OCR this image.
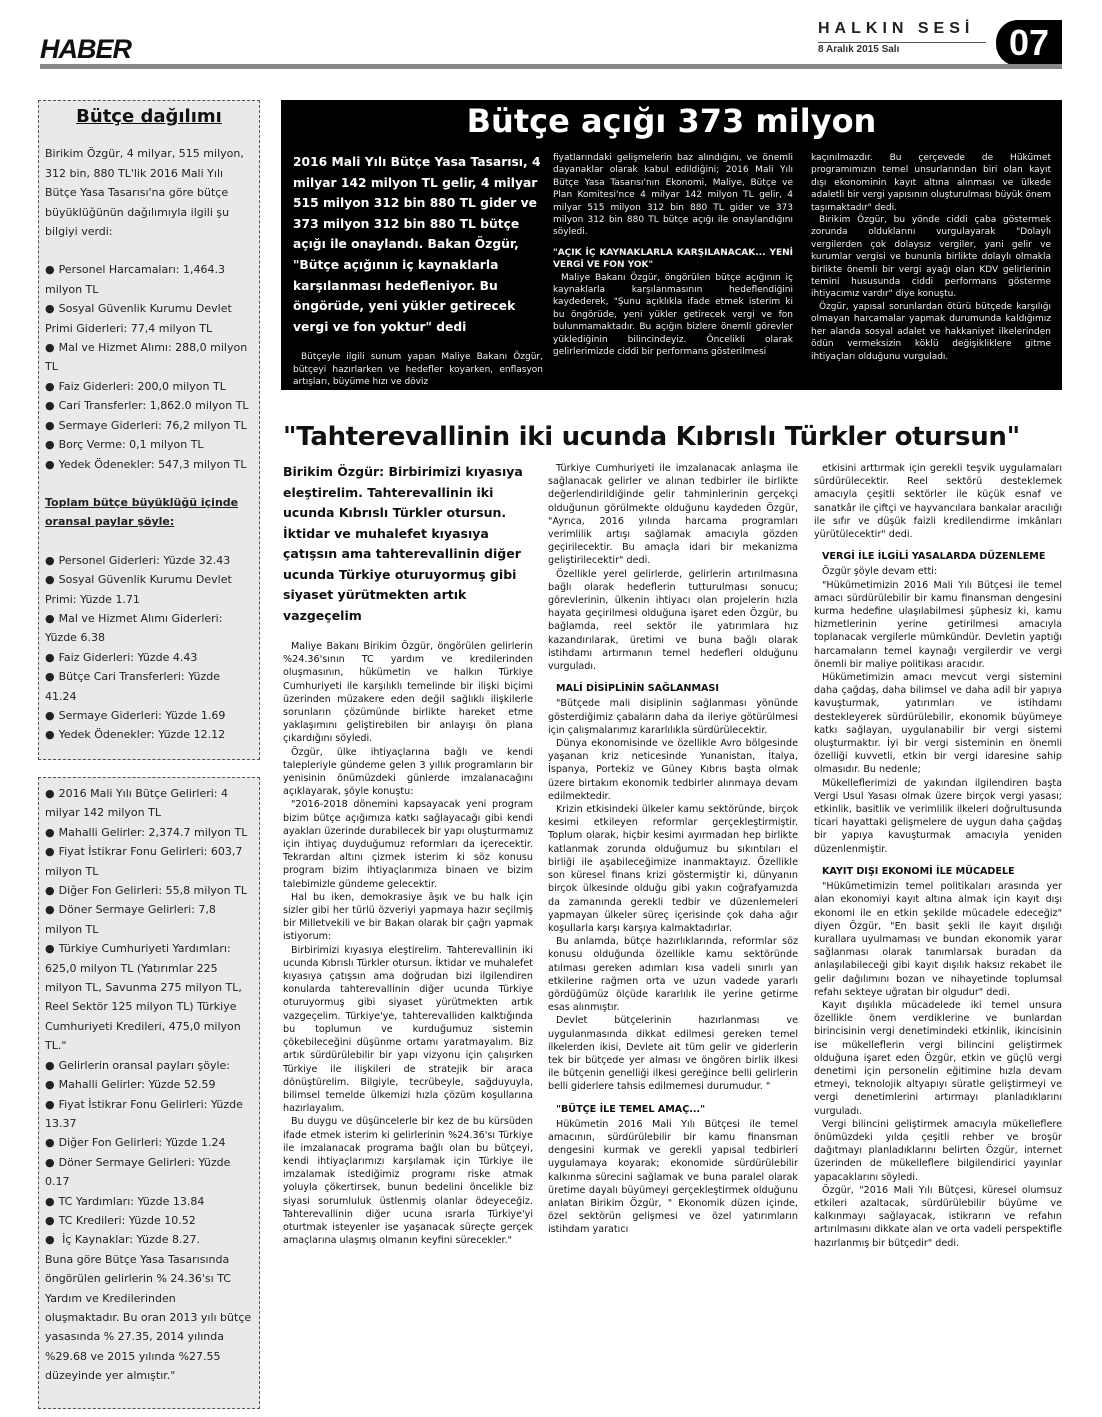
HABER
HALKIN SESİ
8 Aralık 2015 Salı	07
Bütçe dağılımı
Birikim Özgür, 4 milyar, 515 milyon, 312 bin, 880 TL'lik 2016 Mali Yılı Bütçe Yasa Tasarısı'na göre bütçe büyüklüğünün dağılımıyla ilgili şu bilgiyi verdi:
● Personel Harcamaları: 1,464.3 milyon TL
● Sosyal Güvenlik Kurumu Devlet Primi Giderleri: 77,4 milyon TL
● Mal ve Hizmet Alımı: 288,0 milyon TL
● Faiz Giderleri: 200,0 milyon TL
● Cari Transferler: 1,862.0 milyon TL
● Sermaye Giderleri: 76,2 milyon TL
● Borç Verme: 0,1 milyon TL
● Yedek Ödenekler: 547,3 milyon TL
Toplam bütçe büyüklüğü içinde oransal paylar şöyle:
● Personel Giderleri: Yüzde 32.43
● Sosyal Güvenlik Kurumu Devlet Primi: Yüzde 1.71
● Mal ve Hizmet Alımı Giderleri: Yüzde 6.38
● Faiz Giderleri: Yüzde 4.43
● Bütçe Cari Transferleri: Yüzde 41.24
● Sermaye Giderleri: Yüzde 1.69
● Yedek Ödenekler: Yüzde 12.12
● 2016 Mali Yılı Bütçe Gelirleri: 4 milyar 142 milyon TL
● Mahalli Gelirler: 2,374.7 milyon TL
● Fiyat İstikrar Fonu Gelirleri: 603,7 milyon TL
● Diğer Fon Gelirleri: 55,8 milyon TL
● Döner Sermaye Gelirleri: 7,8 milyon TL
● Türkiye Cumhuriyeti Yardımları: 625,0 milyon TL (Yatırımlar 225 milyon TL, Savunma 275 milyon TL, Reel Sektör 125 milyon TL) Türkiye Cumhuriyeti Kredileri, 475,0 milyon TL."
● Gelirlerin oransal payları şöyle:
● Mahalli Gelirler: Yüzde 52.59
● Fiyat İstikrar Fonu Gelirleri: Yüzde 13.37
● Diğer Fon Gelirleri: Yüzde 1.24
● Döner Sermaye Gelirleri: Yüzde 0.17
● TC Yardımları: Yüzde 13.84
● TC Kredileri: Yüzde 10.52
● İç Kaynaklar: Yüzde 8.27.
Buna göre Bütçe Yasa Tasarısında öngörülen gelirlerin % 24.36'sı TC Yardım ve Kredilerinden oluşmaktadır. Bu oran 2013 yılı bütçe yasasında % 27.35, 2014 yılında %29.68 ve 2015 yılında %27.55 düzeyinde yer almıştır."
Bütçe açığı 373 milyon
2016 Mali Yılı Bütçe Yasa Tasarısı, 4 milyar 142 milyon TL gelir, 4 milyar 515 milyon 312 bin 880 TL gider ve 373 milyon 312 bin 880 TL bütçe açığı ile onaylandı. Bakan Özgür, "Bütçe açığının iç kaynaklarla karşılanması hedefleniyor. Bu öngörüde, yeni yükler getirecek vergi ve fon yoktur" dedi

Bütçeyle ilgili sunum yapan Maliye Bakanı Özgür, bütçeyi hazırlarken ve hedefler koyarken, enflasyon artışları, büyüme hızı ve döviz

fiyatlarındaki gelişmelerin baz alındığını, ve önemli dayanaklar olarak kabul edildiğini; 2016 Mali Yılı Bütçe Yasa Tasarısı'nın Ekonomi, Maliye, Bütçe ve Plan Komitesi'nce 4 milyar 142 milyon TL gelir, 4 milyar 515 milyon 312 bin 880 TL gider ve 373 milyon 312 bin 880 TL bütçe açığı ile onaylandığını söyledi.

"AÇIK İÇ KAYNAKLARLA KARŞILANACAK... YENİ VERGİ VE FON YOK"

Maliye Bakanı Özgür, öngörülen bütçe açığının iç kaynaklarla karşılanmasının hedeflendiğini kaydederek, "Şunu açıklıkla ifade etmek isterim ki bu öngörüde, yeni yükler getirecek vergi ve fon bulunmamaktadır. Bu açığın bizlere önemli görevler yüklediğinin bilincindeyiz. Öncelikli olarak gelirlerimizde ciddi bir performans gösterilmesi

kaçınılmazdır. Bu çerçevede de Hükümet programımızın temel unsurlarından biri olan kayıt dışı ekonominin kayıt altına alınması ve ülkede adaletli bir vergi yapısının oluşturulması büyük önem taşımaktadır" dedi.

Birikim Özgür, bu yönde ciddi çaba göstermek zorunda olduklarını vurgulayarak "Dolaylı vergilerden çok dolaysız vergiler, yani gelir ve kurumlar vergisi ve bununla birlikte dolaylı olmakla birlikte önemli bir vergi ayağı olan KDV gelirlerinin temini hususunda ciddi performans gösterme ihtiyacımız vardır" diye konuştu.

Özgür, yapısal sorunlardan ötürü bütçede karşılığı olmayan harcamalar yapmak durumunda kaldığımız her alanda sosyal adalet ve hakkaniyet ilkelerinden ödün vermeksizin köklü değişikliklere gitme ihtiyaçları olduğunu vurguladı.

"Tahterevallinin iki ucunda Kıbrıslı Türkler otursun"
Birikim Özgür: Birbirimizi kıyasıya eleştirelim. Tahterevallinin iki ucunda Kıbrıslı Türkler otursun. İktidar ve muhalefet kıyasıya çatışsın ama tahterevallinin diğer ucunda Türkiye oturuyormuş gibi siyaset yürütmekten artık vazgeçelim

Maliye Bakanı Birikim Özgür, öngörülen gelirlerin %24.36'sının TC yardım ve kredilerinden oluşmasının, hükümetin ve halkın Türkiye Cumhuriyeti ile karşılıklı temelinde bir ilişki biçimi üzerinden müzakere eden değil sağlıklı ilişkilerle sorunların çözümünde birlikte hareket etme yaklaşımını geliştirebilen bir anlayışı ön plana çıkardığını söyledi.

Özgür, ülke ihtiyaçlarına bağlı ve kendi talepleriyle gündeme gelen 3 yıllık programların bir yenisinin önümüzdeki günlerde imzalanacağını açıklayarak, şöyle konuştu:

"2016-2018 dönemini kapsayacak yeni program bizim bütçe açığımıza katkı sağlayacağı gibi kendi ayakları üzerinde durabilecek bir yapı oluşturmamız için ihtiyaç duyduğumuz reformları da içerecektir. Tekrardan altını çizmek isterim ki söz konusu program bizim ihtiyaçlarımıza binaen ve bizim talebimizle gündeme gelecektir.

Hal bu iken, demokrasiye âşık ve bu halk için sizler gibi her türlü özveriyi yapmaya hazır seçilmiş bir Milletvekili ve bir Bakan olarak bir çağrı yapmak istiyorum:

Birbirimizi kıyasıya eleştirelim. Tahterevallinin iki ucunda Kıbrıslı Türkler otursun. İktidar ve muhalefet kıyasıya çatışsın ama doğrudan bizi ilgilendiren konularda tahterevallinin diğer ucunda Türkiye oturuyormuş gibi siyaset yürütmekten artık vazgeçelim. Türkiye'ye, tahterevalliden kalktığında bu toplumun ve kurduğumuz sistemin çökebileceğini düşünme ortamı yaratmayalım. Biz artık sürdürülebilir bir yapı vizyonu için çalışırken Türkiye ile ilişkileri de stratejik bir araca dönüştürelim. Bilgiyle, tecrübeyle, sağduyuyla, bilimsel temelde ülkemizi hızla çözüm koşullarına hazırlayalım.

Bu duygu ve düşüncelerle bir kez de bu kürsüden ifade etmek isterim ki gelirlerinin %24.36'sı Türkiye ile imzalanacak programa bağlı olan bu bütçeyi, kendi ihtiyaçlarımızı karşılamak için Türkiye ile imzalamak istediğimiz programı riske atmak yoluyla çökertirsek, bunun bedelini öncelikle biz siyasi sorumluluk üstlenmiş olanlar ödeyeceğiz. Tahterevallinin diğer ucuna ısrarla Türkiye'yi oturtmak isteyenler ise yaşanacak süreçte gerçek amaçlarına ulaşmış olmanın keyfini sürecekler."

Türkiye Cumhuriyeti ile imzalanacak anlaşma ile sağlanacak gelirler ve alınan tedbirler ile birlikte değerlendirildiğinde gelir tahminlerinin gerçekçi olduğunun görülmekte olduğunu kaydeden Özgür, "Ayrıca, 2016 yılında harcama programları verimlilik artışı sağlamak amacıyla gözden geçirilecektir. Bu amaçla idari bir mekanizma geliştirilecektir" dedi.

Özellikle yerel gelirlerde, gelirlerin artırılmasına bağlı olarak hedeflerin tutturulması sonucu; görevlerinin, ülkenin ihtiyacı olan projelerin hızla hayata geçirilmesi olduğuna işaret eden Özgür, bu bağlamda, reel sektör ile yatırımlara hız kazandırılarak, üretimi ve buna bağlı olarak istihdamı artırmanın temel hedefleri olduğunu vurguladı.

MALİ DİSİPLİNİN SAĞLANMASI

"Bütçede mali disiplinin sağlanması yönünde gösterdiğimiz çabaların daha da ileriye götürülmesi için çalışmalarımız kararlılıkla sürdürülecektir.

Dünya ekonomisinde ve özellikle Avro bölgesinde yaşanan kriz neticesinde Yunanistan, İtalya, İspanya, Portekiz ve Güney Kıbrıs başta olmak üzere birtakım ekonomik tedbirler alınmaya devam edilmektedir.

Krizin etkisindeki ülkeler kamu sektöründe, birçok kesimi etkileyen reformlar gerçekleştirmiştir. Toplum olarak, hiçbir kesimi ayırmadan hep birlikte katlanmak zorunda olduğumuz bu sıkıntıları el birliği ile aşabileceğimize inanmaktayız. Özellikle son küresel finans krizi göstermiştir ki, dünyanın birçok ülkesinde olduğu gibi yakın coğrafyamızda da zamanında gerekli tedbir ve düzenlemeleri yapmayan ülkeler süreç içerisinde çok daha ağır koşullarla karşı karşıya kalmaktadırlar.

Bu anlamda, bütçe hazırlıklarında, reformlar söz konusu olduğunda özellikle kamu sektöründe atılması gereken adımları kısa vadeli sınırlı yan etkilerine rağmen orta ve uzun vadede yararlı gördüğümüz ölçüde kararlılık ile yerine getirme esas alınmıştır.

Devlet bütçelerinin hazırlanması ve uygulanmasında dikkat edilmesi gereken temel ilkelerden ikisi, Devlete ait tüm gelir ve giderlerin tek bir bütçede yer alması ve öngören birlik ilkesi ile bütçenin genelliği ilkesi gereğince belli gelirlerin belli giderlere tahsis edilmemesi durumudur. "

"BÜTÇE İLE TEMEL AMAÇ..."

Hükümetin 2016 Mali Yılı Bütçesi ile temel amacının, sürdürülebilir bir kamu finansman dengesini kurmak ve gerekli yapısal tedbirleri uygulamaya koyarak; ekonomide sürdürülebilir kalkınma sürecini sağlamak ve buna paralel olarak üretime dayalı büyümeyi gerçekleştirmek olduğunu anlatan Birikim Özgür, " Ekonomik düzen içinde, özel sektörün gelişmesi ve özel yatırımların istihdam yaratıcı

etkisini arttırmak için gerekli teşvik uygulamaları sürdürülecektir. Reel sektörü desteklemek amacıyla çeşitli sektörler ile küçük esnaf ve sanatkâr ile çiftçi ve hayvancılara bankalar aracılığı ile sıfır ve düşük faizli kredilendirme imkânları yürütülecektir" dedi.

VERGİ İLE İLGİLİ YASALARDA DÜZENLEME

Özgür şöyle devam etti:

"Hükümetimizin 2016 Mali Yılı Bütçesi ile temel amacı sürdürülebilir bir kamu finansman dengesini kurma hedefine ulaşılabilmesi şüphesiz ki, kamu hizmetlerinin yerine getirilmesi amacıyla toplanacak vergilerle mümkündür. Devletin yaptığı harcamaların temel kaynağı vergilerdir ve vergi önemli bir maliye politikası aracıdır.

Hükümetimizin amacı mevcut vergi sistemini daha çağdaş, daha bilimsel ve daha adil bir yapıya kavuşturmak, yatırımları ve istihdamı destekleyerek sürdürülebilir, ekonomik büyümeye katkı sağlayan, uygulanabilir bir vergi sistemi oluşturmaktır. İyi bir vergi sisteminin en önemli özelliği kuvvetli, etkin bir vergi idaresine sahip olmasıdır. Bu nedenle;

Mükelleflerimizi de yakından ilgilendiren başta Vergi Usul Yasası olmak üzere birçok vergi yasası; etkinlik, basitlik ve verimlilik ilkeleri doğrultusunda ticari hayattaki gelişmelere de uygun daha çağdaş bir yapıya kavuşturmak amacıyla yeniden düzenlenmiştir.

KAYIT DIŞI EKONOMİ İLE MÜCADELE

"Hükümetimizin temel politikaları arasında yer alan ekonomiyi kayıt altına almak için kayıt dışı ekonomi ile en etkin şekilde mücadele edeceğiz" diyen Özgür, "En basit şekli ile kayıt dışılığı kurallara uyulmaması ve bundan ekonomik yarar sağlanması olarak tanımlarsak buradan da anlaşılabileceği gibi kayıt dışılık haksız rekabet ile gelir dağılımını bozan ve nihayetinde toplumsal refahı sekteye uğratan bir olgudur" dedi.

Kayıt dışılıkla mücadelede iki temel unsura özellikle önem verdiklerine ve bunlardan birincisinin vergi denetimindeki etkinlik, ikincisinin ise mükelleflerin vergi bilincini geliştirmek olduğuna işaret eden Özgür, etkin ve güçlü vergi denetimi için personelin eğitimine hızla devam etmeyi, teknolojik altyapıyı süratle geliştirmeyi ve vergi denetimlerini artırmayı planladıklarını vurguladı.

Vergi bilincini geliştirmek amacıyla mükelleflere önümüzdeki yılda çeşitli rehber ve broşür dağıtmayı planladıklarını belirten Özgür, internet üzerinden de mükelleflere bilgilendirici yayınlar yapacaklarını söyledi.

Özgür, "2016 Mali Yılı Bütçesi, küresel olumsuz etkileri azaltacak, sürdürülebilir büyüme ve kalkınmayı sağlayacak, istikrarın ve refahın artırılmasını dikkate alan ve orta vadeli perspektifle hazırlanmış bir bütçedir" dedi.
